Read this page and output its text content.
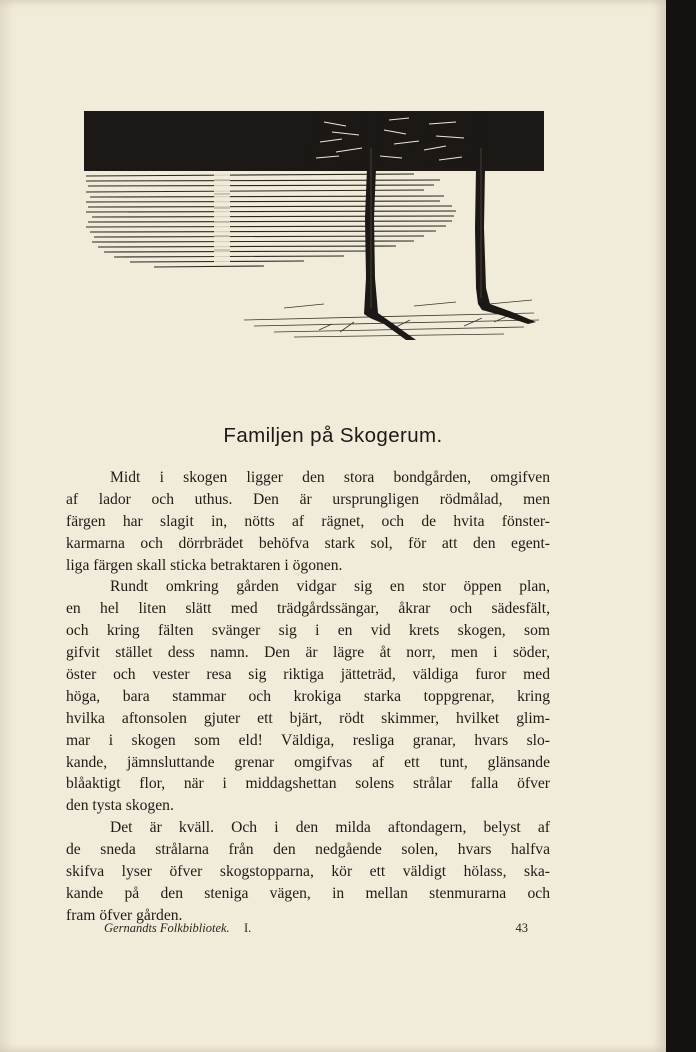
Familjen på Skogerum.
Midt i skogen ligger den stora bondgården, omgifven
af lador och uthus. Den är ursprungligen rödmålad, men
färgen har slagit in, nötts af rägnet, och de hvita fönster-
karmarna och dörrbrädet behöfva stark sol, för att den egent-
liga färgen skall sticka betraktaren i ögonen.
Rundt omkring gården vidgar sig en stor öppen plan,
en hel liten slätt med trädgårdssängar, åkrar och sädesfält,
och kring fälten svänger sig i en vid krets skogen, som
gifvit stället dess namn. Den är lägre åt norr, men i söder,
öster och vester resa sig riktiga jätteträd, väldiga furor med
höga, bara stammar och krokiga starka toppgrenar, kring
hvilka aftonsolen gjuter ett bjärt, rödt skimmer, hvilket glim-
mar i skogen som eld! Väldiga, resliga granar, hvars slo-
kande, jämnsluttande grenar omgifvas af ett tunt, glänsande
blåaktigt flor, när i middagshettan solens strålar falla öfver
den tysta skogen.
Det är kväll. Och i den milda aftondagern, belyst af
de sneda strålarna från den nedgående solen, hvars halfva
skifva lyser öfver skogstopparna, kör ett väldigt hölass, ska-
kande på den steniga vägen, in mellan stenmurarna och
fram öfver gården.
Gernandts Folkbibliotek. I.	43
